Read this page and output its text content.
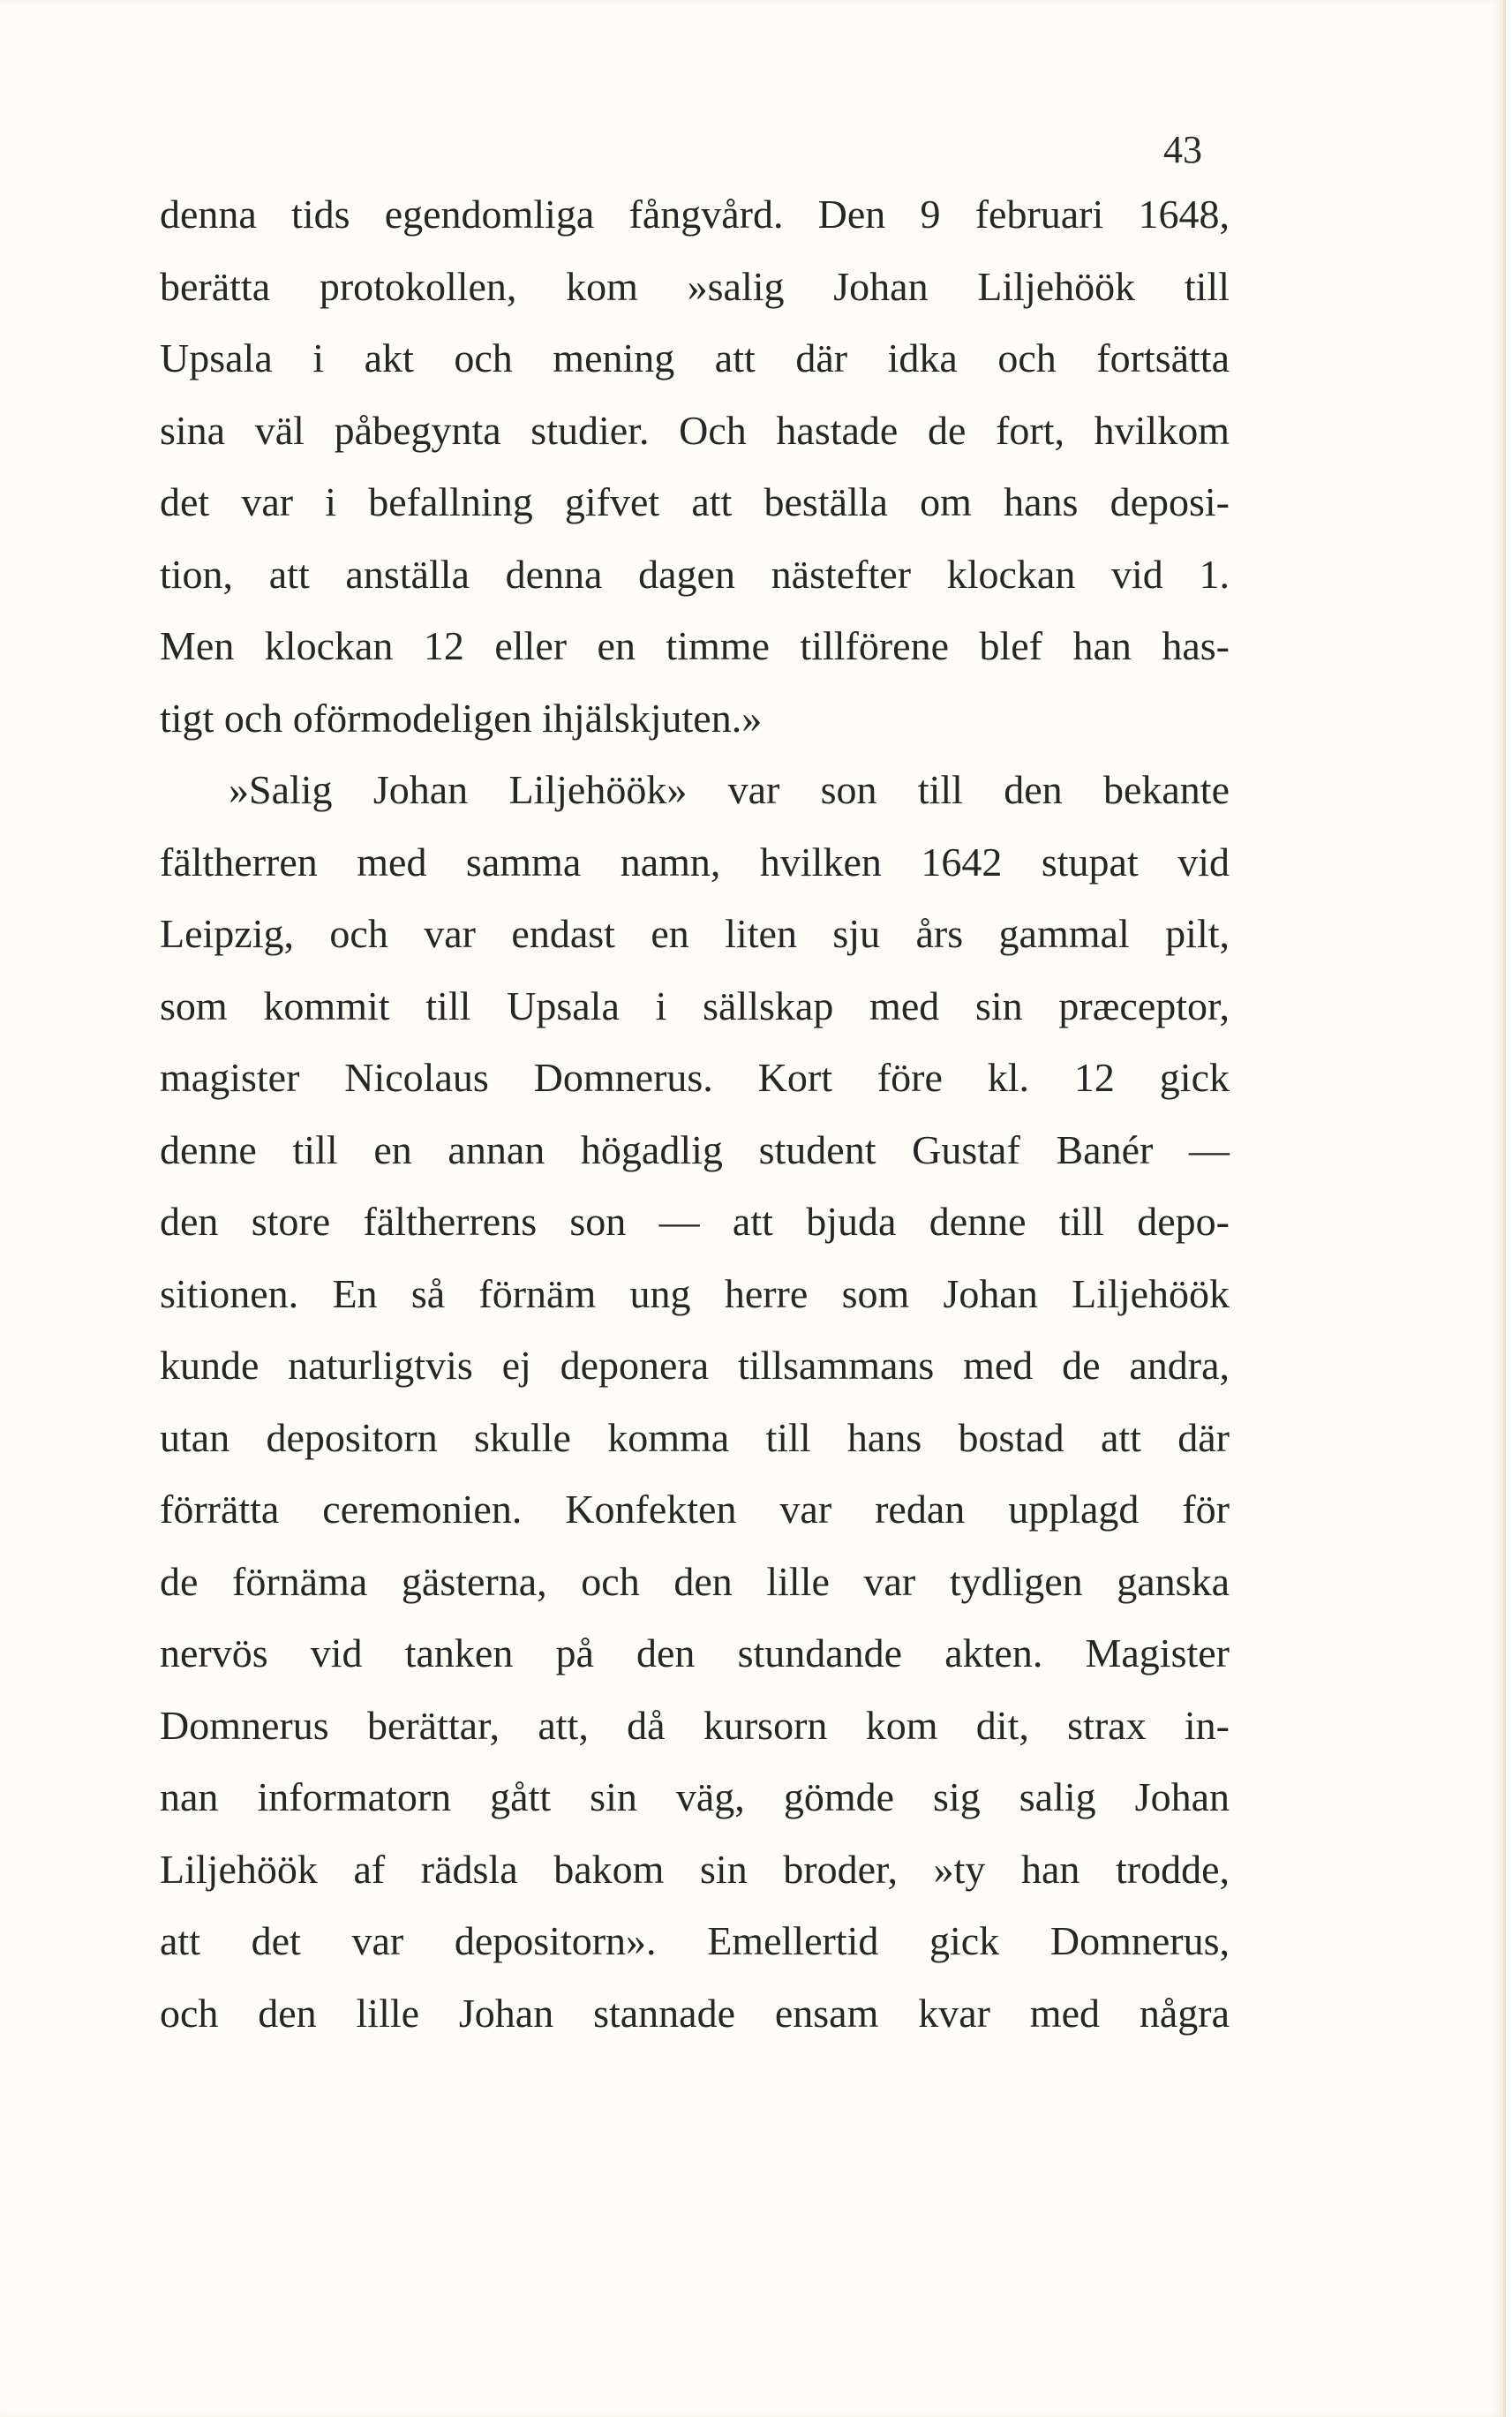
43
denna tids egendomliga fångvård. Den 9 februari 1648,
berätta protokollen, kom »salig Johan Liljehöök till
Upsala i akt och mening att där idka och fortsätta
sina väl påbegynta studier. Och hastade de fort, hvilkom
det var i befallning gifvet att beställa om hans deposi-
tion, att anställa denna dagen nästefter klockan vid 1.
Men klockan 12 eller en timme tillförene blef han has-
tigt och oförmodeligen ihjälskjuten.»
»Salig Johan Liljehöök» var son till den bekante
fältherren med samma namn, hvilken 1642 stupat vid
Leipzig, och var endast en liten sju års gammal pilt,
som kommit till Upsala i sällskap med sin præceptor,
magister Nicolaus Domnerus. Kort före kl. 12 gick
denne till en annan högadlig student Gustaf Banér —
den store fältherrens son — att bjuda denne till depo-
sitionen. En så förnäm ung herre som Johan Liljehöök
kunde naturligtvis ej deponera tillsammans med de andra,
utan depositorn skulle komma till hans bostad att där
förrätta ceremonien. Konfekten var redan upplagd för
de förnäma gästerna, och den lille var tydligen ganska
nervös vid tanken på den stundande akten. Magister
Domnerus berättar, att, då kursorn kom dit, strax in-
nan informatorn gått sin väg, gömde sig salig Johan
Liljehöök af rädsla bakom sin broder, »ty han trodde,
att det var depositorn». Emellertid gick Domnerus,
och den lille Johan stannade ensam kvar med några
